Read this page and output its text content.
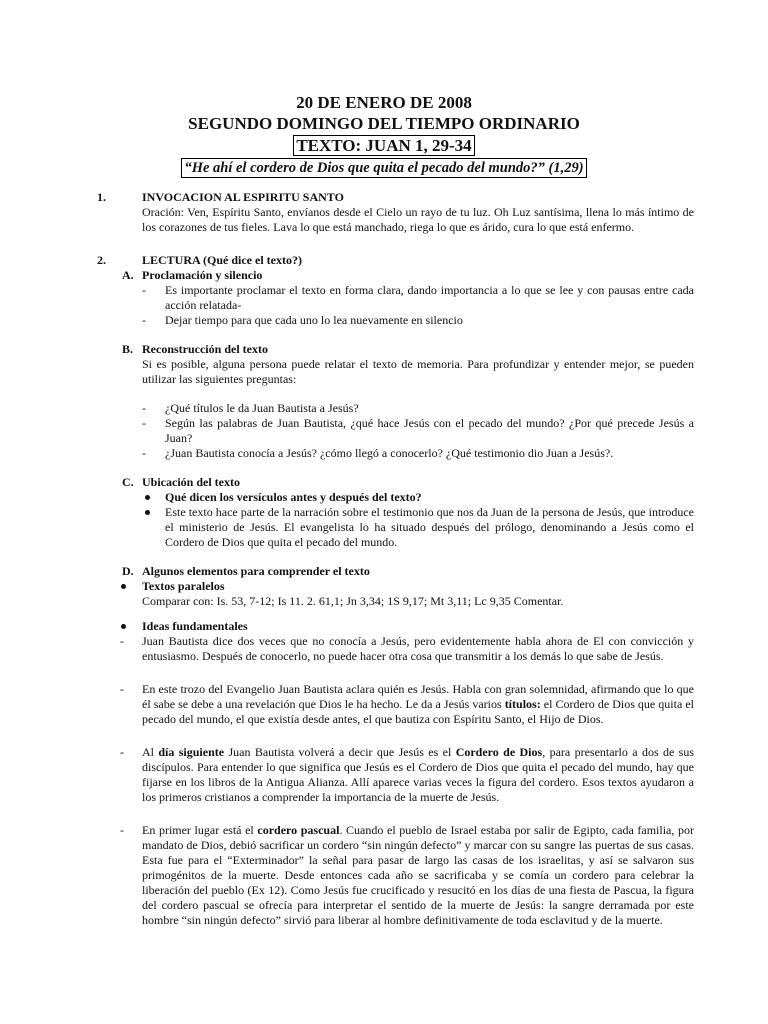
20 DE ENERO DE 2008
SEGUNDO DOMINGO DEL TIEMPO ORDINARIO
TEXTO: JUAN 1, 29-34
“He ahí el cordero de Dios que quita el pecado del mundo?” (1,29)
1.	INVOCACION AL ESPIRITU SANTO
Oración: Ven, Espíritu Santo, envíanos desde el Cielo un rayo de tu luz. Oh Luz santísima, llena lo más íntimo de los corazones de tus fieles. Lava lo que está manchado, riega lo que es árido, cura lo que está enfermo.
2.	LECTURA (Qué dice el texto?)
A. Proclamación y silencio
- Es importante proclamar el texto en forma clara, dando importancia a lo que se lee y con pausas entre cada acción relatada-
- Dejar tiempo para que cada uno lo lea nuevamente en silencio
B. Reconstrucción del texto
Si es posible, alguna persona puede relatar el texto de memoria. Para profundizar y entender mejor, se pueden utilizar las siguientes preguntas:
- ¿Qué títulos le da Juan Bautista a Jesús?
- Según las palabras de Juan Bautista, ¿qué hace Jesús con el pecado del mundo? ¿Por qué precede Jesús a Juan?
- ¿Juan Bautista conocía a Jesús? ¿cómo llegó a conocerlo? ¿Qué testimonio dio Juan a Jesús?.
C. Ubicación del texto
Qué dicen los versículos antes y después del texto?
Este texto hace parte de la narración sobre el testimonio que nos da Juan de la persona de Jesús, que introduce el ministerio de Jesús. El evangelista lo ha situado después del prólogo, denominando a Jesús como el Cordero de Dios que quita el pecado del mundo.
D. Algunos elementos para comprender el texto
Textos paralelos
Comparar con: Is. 53, 7-12; Is 11. 2. 61,1; Jn 3,34; 1S 9,17; Mt 3,11; Lc 9,35 Comentar.
Ideas fundamentales
- Juan Bautista dice dos veces que no conocía a Jesús, pero evidentemente habla ahora de El con convicción y entusiasmo. Después de conocerlo, no puede hacer otra cosa que transmitir a los demás lo que sabe de Jesús.
- En este trozo del Evangelio Juan Bautista aclara quién es Jesús. Habla con gran solemnidad, afirmando que lo que él sabe se debe a una revelación que Dios le ha hecho. Le da a Jesús varios títulos: el Cordero de Dios que quita el pecado del mundo, el que existía desde antes, el que bautiza con Espíritu Santo, el Hijo de Dios.
- Al día siguiente Juan Bautista volverá a decir que Jesús es el Cordero de Dios, para presentarlo a dos de sus discípulos. Para entender lo que significa que Jesús es el Cordero de Dios que quita el pecado del mundo, hay que fijarse en los libros de la Antigua Alianza. Allí aparece varias veces la figura del cordero. Esos textos ayudaron a los primeros cristianos a comprender la importancia de la muerte de Jesús.
- En primer lugar está el cordero pascual. Cuando el pueblo de Israel estaba por salir de Egipto, cada familia, por mandato de Dios, debió sacrificar un cordero “sin ningún defecto” y marcar con su sangre las puertas de sus casas. Esta fue para el “Exterminador” la señal para pasar de largo las casas de los israelitas, y así se salvaron sus primogénitos de la muerte. Desde entonces cada año se sacrificaba y se comía un cordero para celebrar la liberación del pueblo (Ex 12). Como Jesús fue crucificado y resucitó en los días de una fiesta de Pascua, la figura del cordero pascual se ofrecía para interpretar el sentido de la muerte de Jesús: la sangre derramada por este hombre “sin ningún defecto” sirvió para liberar al hombre definitivamente de toda esclavitud y de la muerte.
